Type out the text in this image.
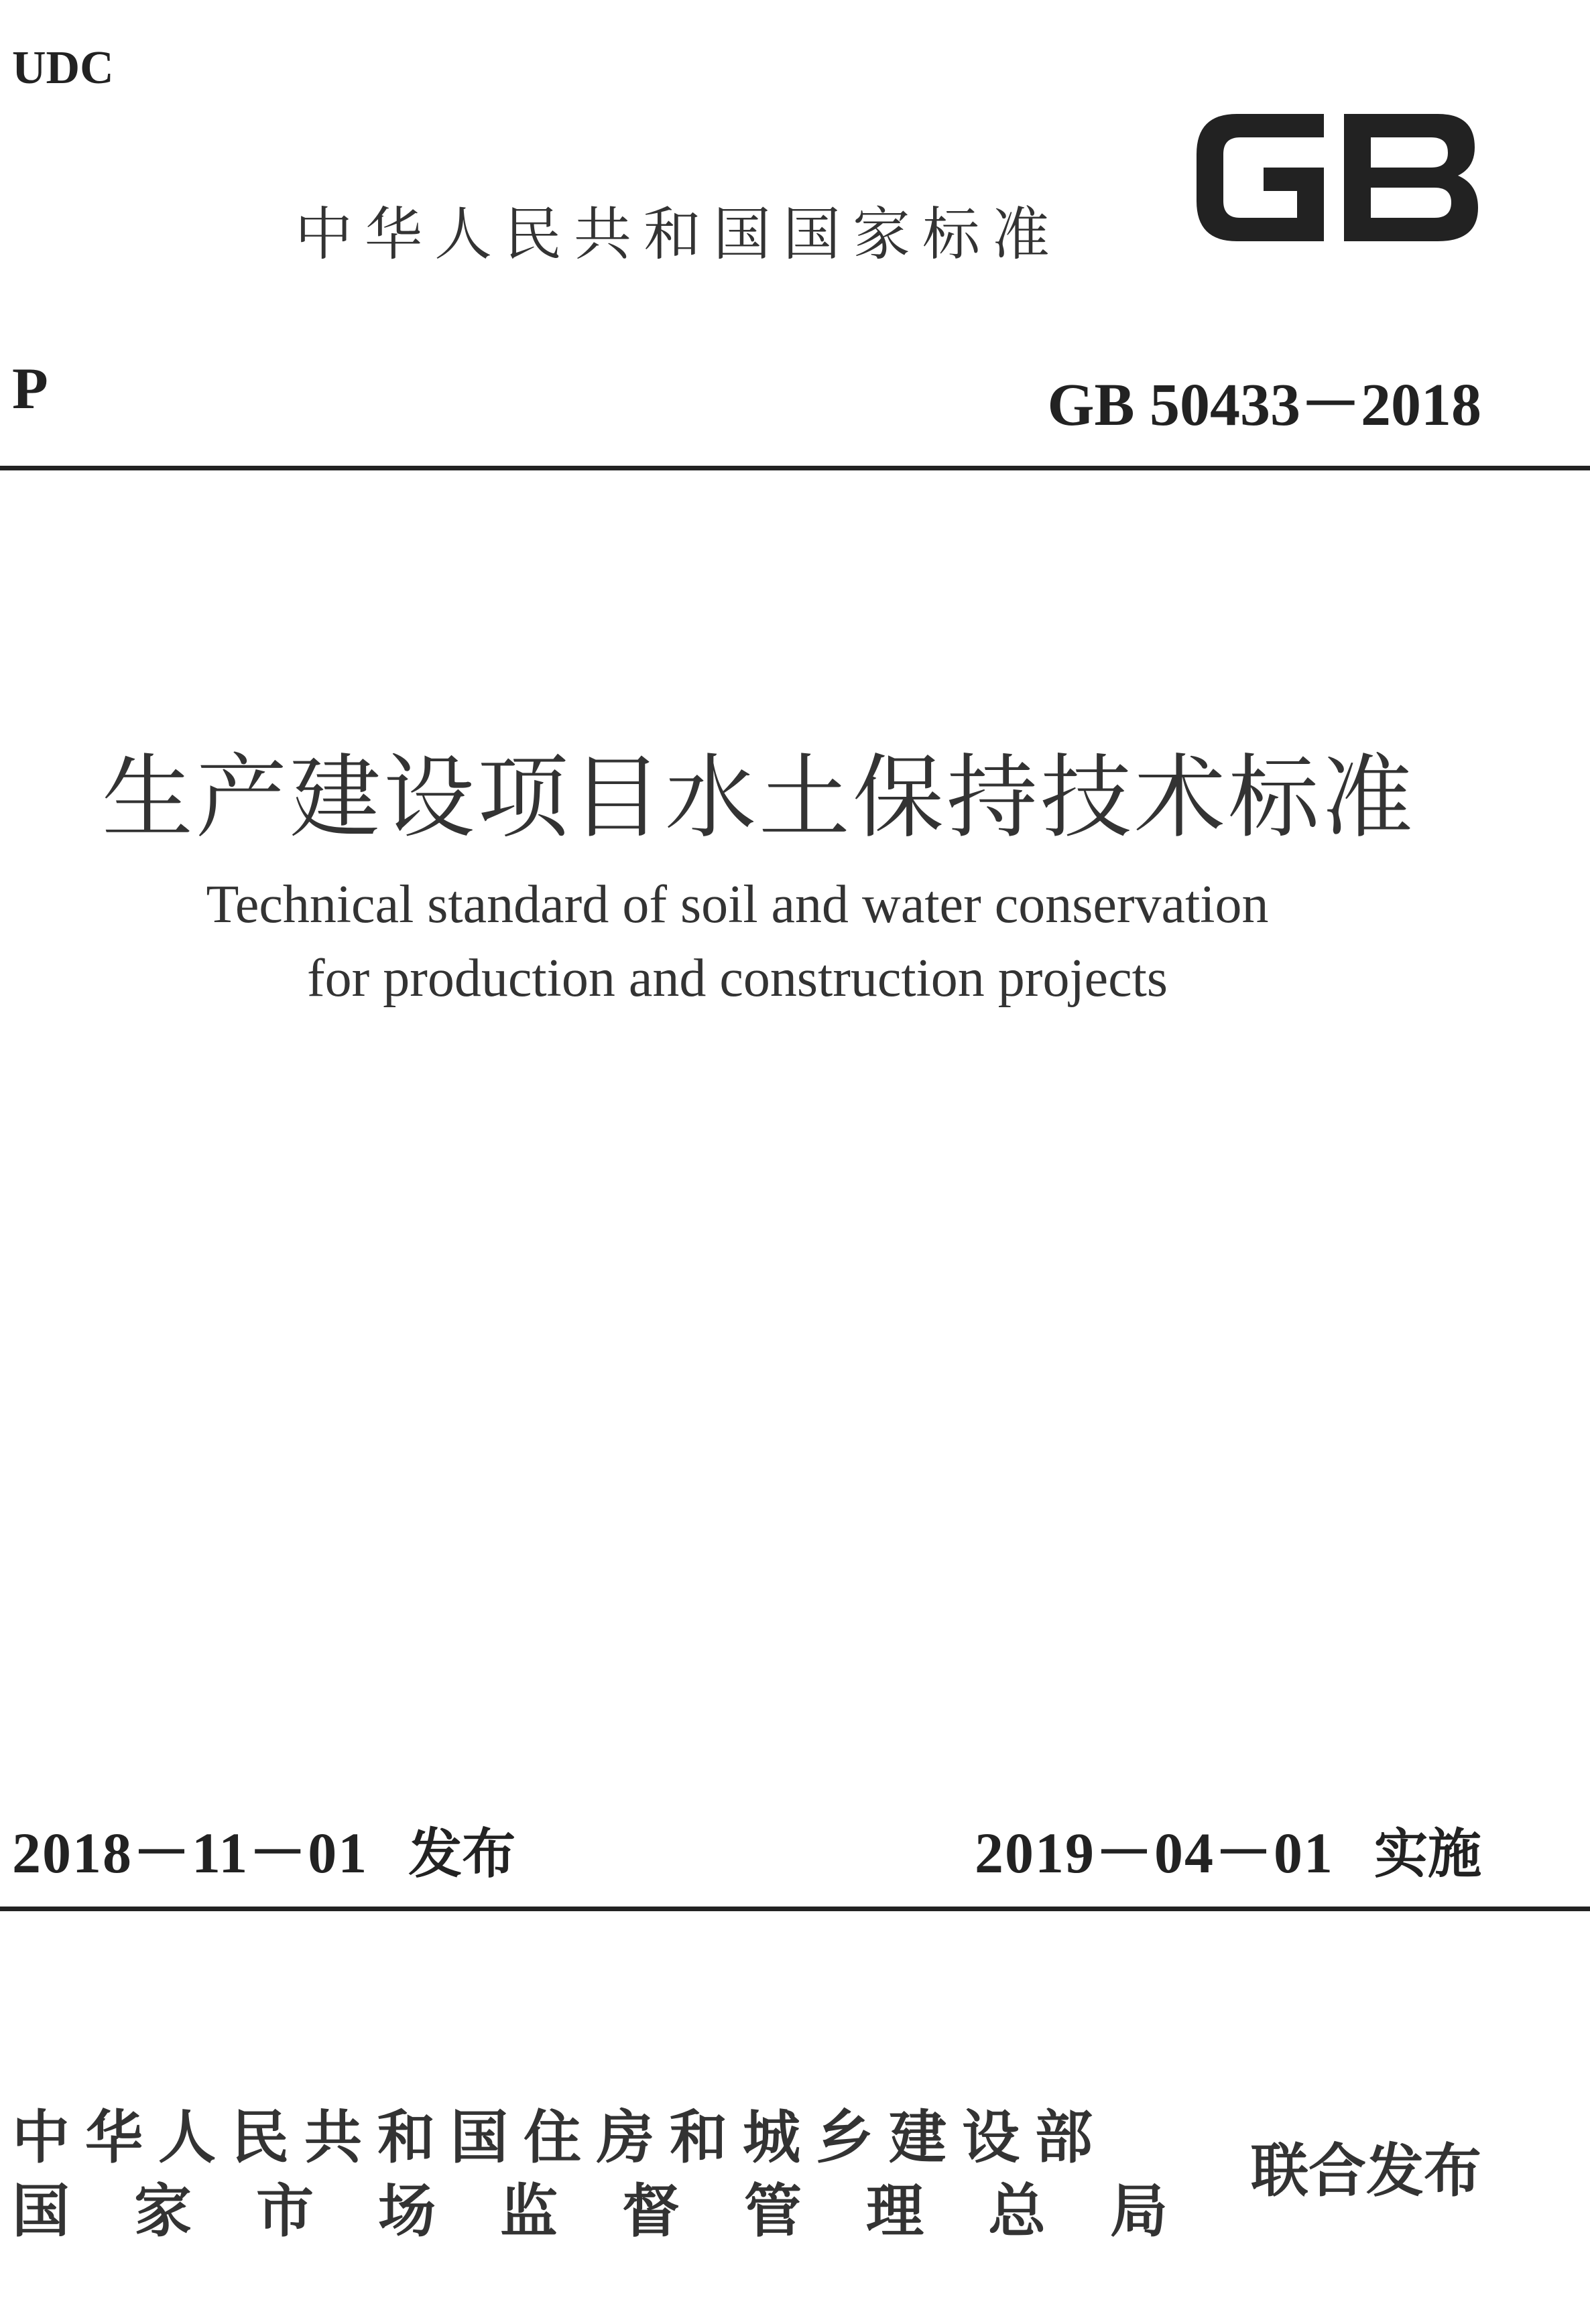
UDC
中华人民共和国国家标准
GB
P	GB 50433－2018
生产建设项目水土保持技术标准
Technical standard of soil and water conservation
for production and construction projects
2018－11－01 发布	2019－04－01 实施
中华人民共和国住房和城乡建设部
国家市场监督管理总局
联合发布
